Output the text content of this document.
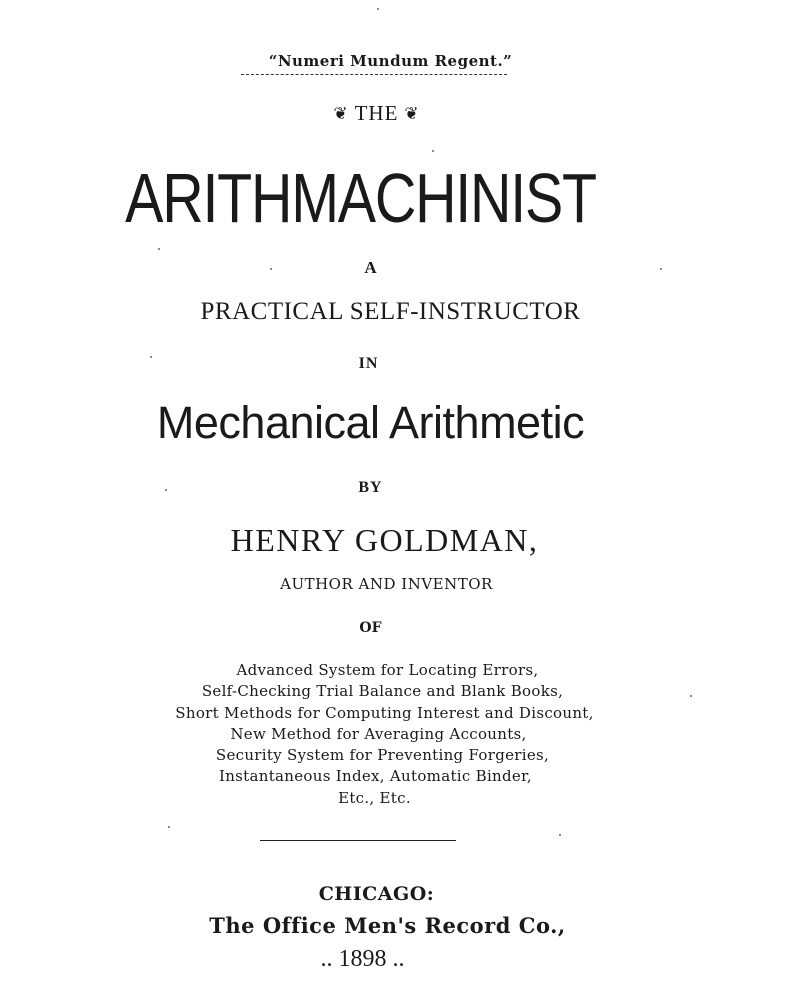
“Numeri Mundum Regent.”
❦ THE ❦
ARITHMACHINIST
A
PRACTICAL SELF-INSTRUCTOR
IN
Mechanical Arithmetic
BY
HENRY GOLDMAN,
AUTHOR AND INVENTOR
OF
Advanced System for Locating Errors,
Self-Checking Trial Balance and Blank Books,
Short Methods for Computing Interest and Discount,
New Method for Averaging Accounts,
Security System for Preventing Forgeries,
Instantaneous Index, Automatic Binder,
Etc., Etc.
CHICAGO:
The Office Men's Record Co.,
.. 1898 ..
